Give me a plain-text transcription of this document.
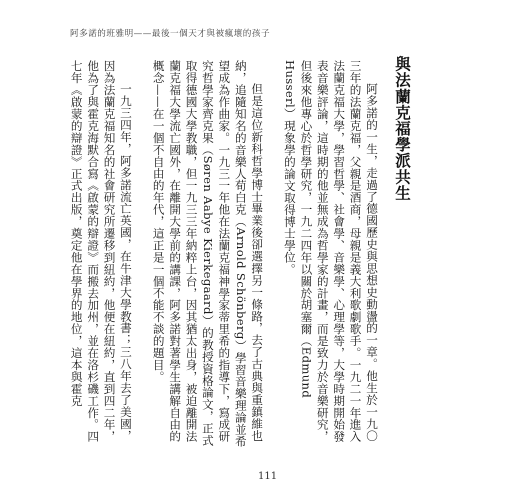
阿多諾的班雅明——最後一個天才與被瘋壞的孩子
與法蘭克福學派共生

阿多諾的一生，走過了德國歷史與思想史動盪的一章。他生於一九〇三年的法蘭克福，父親是酒商，母親是義大利歌劇歌手。一九二一年進入法蘭克福大學，學習哲學、社會學、音樂學、心理學等，大學時期開始發表音樂評論，這時期的他並無成為哲學家的計畫，而是致力於音樂研究，但後來他專心於哲學研究，一九二四年以關於胡塞爾（Edmund Husserl）現象學的論文取得博士學位。

但是這位新科哲學博士畢業後卻選擇另一條路，去了古典與重鎮維也納，追隨知名的音樂人荀白克（Arnold Schönberg）學習音樂理論並希望成為作曲家。一九三一年他在法蘭克福神學家蒂里希的指導下，寫成研究哲學家齊克果（Søren Aabye Kierkegaard）的教授資格論文，正式取得德國大學教職，但一九三三年納粹上台，因其猶太出身，被迫離開法蘭克福大學流亡國外，在離開大學前的講課，阿多諾對著學生講解自由的概念——在一個不自由的年代，這正是一個不能不談的題目。

一九三四年，阿多諾流亡英國，在牛津大學教書；三八年去了美國，因為法蘭克福知名的社會研究所遷移到紐約，他便在紐約，直到四二年，他為了與霍克海默合寫《啟蒙的辯證》而搬去加州，並在洛杉磯工作。四七年《啟蒙的辯證》正式出版，奠定他在學界的地位，這本與霍克

111
